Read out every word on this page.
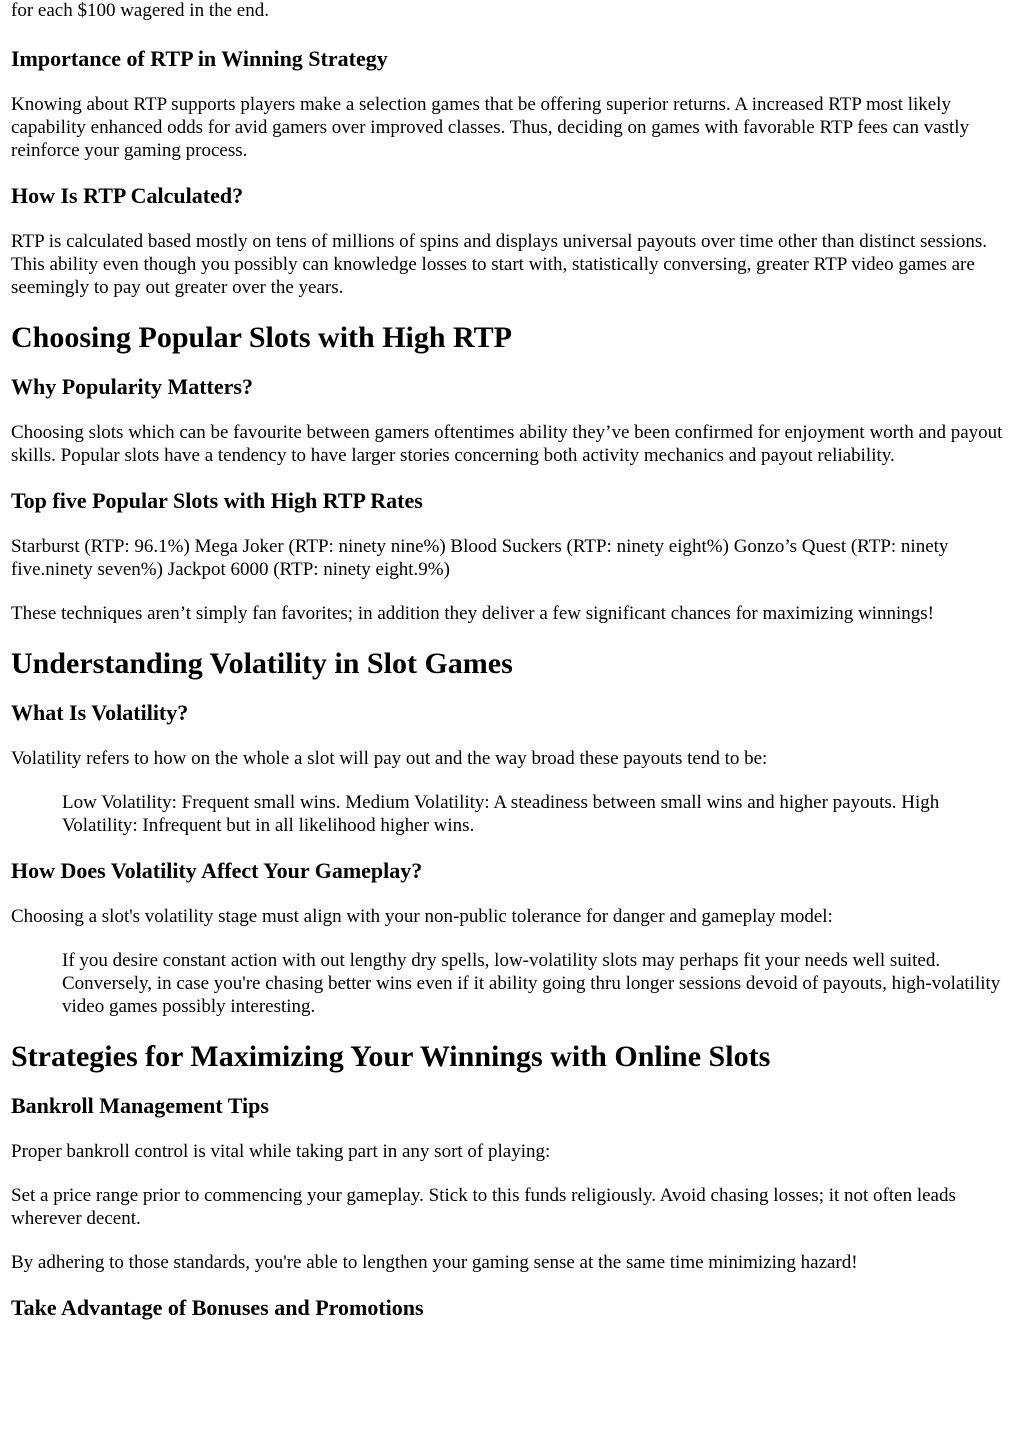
for each $100 wagered in the end.

Importance of RTP in Winning Strategy

Knowing about RTP supports players make a selection games that be offering superior returns. A increased RTP most likely capability enhanced odds for avid gamers over improved classes. Thus, deciding on games with favorable RTP fees can vastly reinforce your gaming process.

How Is RTP Calculated?

RTP is calculated based mostly on tens of millions of spins and displays universal payouts over time other than distinct sessions. This ability even though you possibly can knowledge losses to start with, statistically conversing, greater RTP video games are seemingly to pay out greater over the years.

Choosing Popular Slots with High RTP
Why Popularity Matters?

Choosing slots which can be favourite between gamers oftentimes ability they’ve been confirmed for enjoyment worth and payout skills. Popular slots have a tendency to have larger stories concerning both activity mechanics and payout reliability.

Top five Popular Slots with High RTP Rates

Starburst (RTP: 96.1%) Mega Joker (RTP: ninety nine%) Blood Suckers (RTP: ninety eight%) Gonzo’s Quest (RTP: ninety five.ninety seven%) Jackpot 6000 (RTP: ninety eight.9%)

These techniques aren’t simply fan favorites; in addition they deliver a few significant chances for maximizing winnings!

Understanding Volatility in Slot Games
What Is Volatility?

Volatility refers to how on the whole a slot will pay out and the way broad these payouts tend to be:

Low Volatility: Frequent small wins. Medium Volatility: A steadiness between small wins and higher payouts. High Volatility: Infrequent but in all likelihood higher wins.
How Does Volatility Affect Your Gameplay?

Choosing a slot's volatility stage must align with your non-public tolerance for danger and gameplay model:

If you desire constant action with out lengthy dry spells, low-volatility slots may perhaps fit your needs well suited. Conversely, in case you're chasing better wins even if it ability going thru longer sessions devoid of payouts, high-volatility video games possibly interesting.
Strategies for Maximizing Your Winnings with Online Slots
Bankroll Management Tips

Proper bankroll control is vital while taking part in any sort of playing:

Set a price range prior to commencing your gameplay. Stick to this funds religiously. Avoid chasing losses; it not often leads wherever decent.

By adhering to those standards, you're able to lengthen your gaming sense at the same time minimizing hazard!

Take Advantage of Bonuses and Promotions
